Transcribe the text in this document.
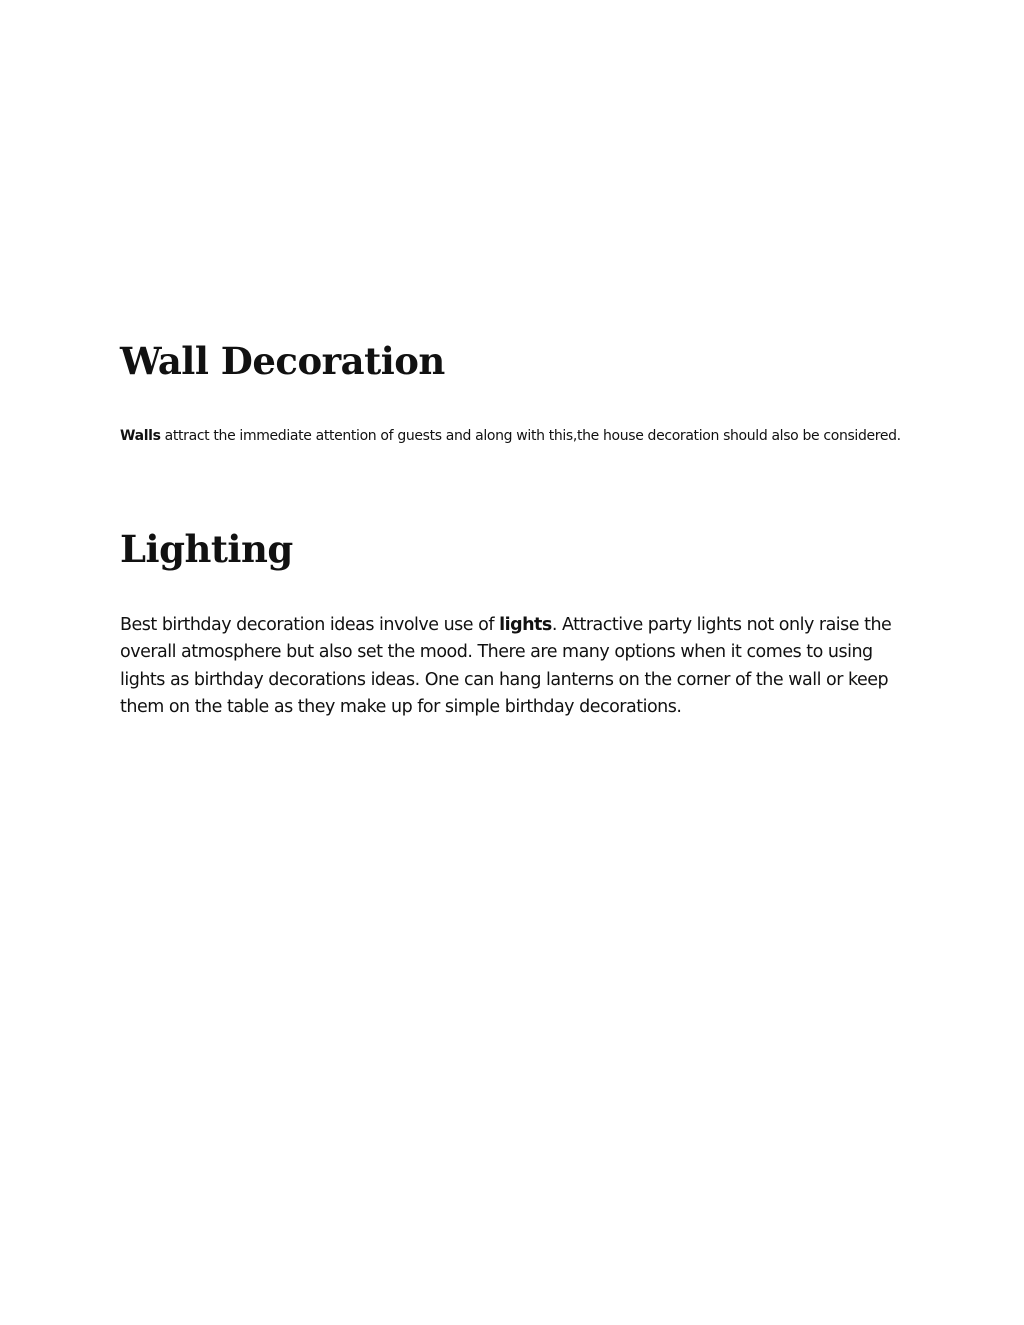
Wall Decoration

Walls attract the immediate attention of guests and along with this,the house decoration should also be considered.

Lighting

Best birthday decoration ideas involve use of lights. Attractive party lights not only raise the overall atmosphere but also set the mood. There are many options when it comes to using lights as birthday decorations ideas. One can hang lanterns on the corner of the wall or keep them on the table as they make up for simple birthday decorations.
